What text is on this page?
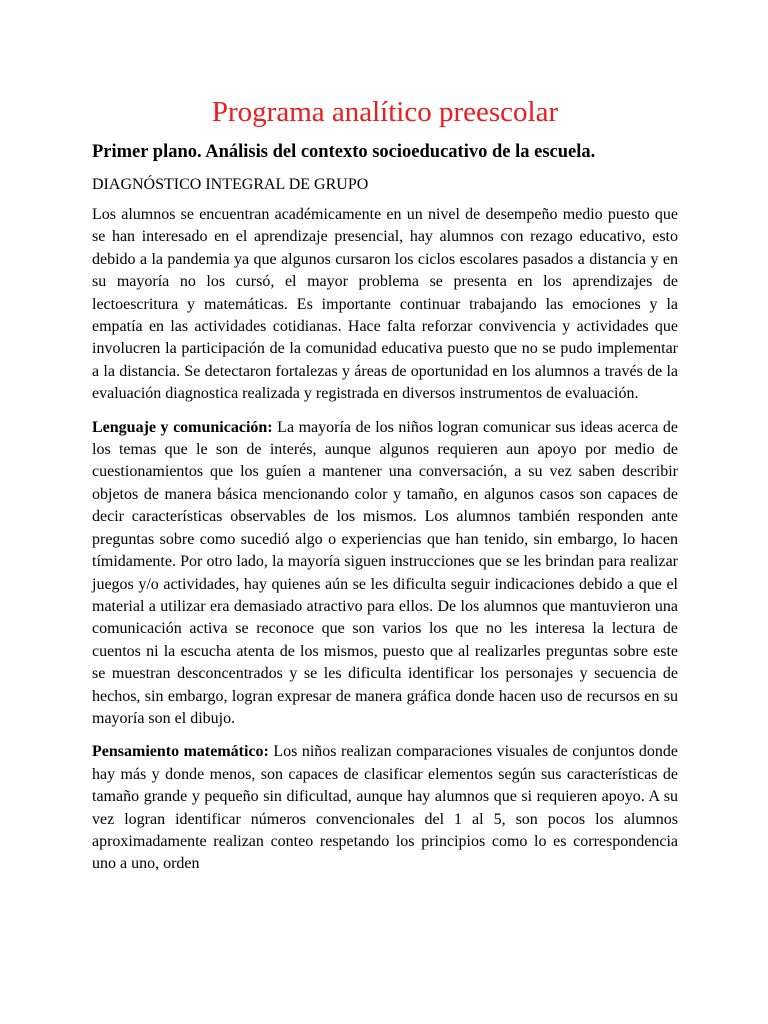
Programa analítico preescolar
Primer plano. Análisis del contexto socioeducativo de la escuela.
DIAGNÓSTICO INTEGRAL DE GRUPO

Los alumnos se encuentran académicamente en un nivel de desempeño medio puesto que se han interesado en el aprendizaje presencial, hay alumnos con rezago educativo, esto debido a la pandemia ya que algunos cursaron los ciclos escolares pasados a distancia y en su mayoría no los cursó, el mayor problema se presenta en los aprendizajes de lectoescritura y matemáticas. Es importante continuar trabajando las emociones y la empatía en las actividades cotidianas. Hace falta reforzar convivencia y actividades que involucren la participación de la comunidad educativa puesto que no se pudo implementar a la distancia. Se detectaron fortalezas y áreas de oportunidad en los alumnos a través de la evaluación diagnostica realizada y registrada en diversos instrumentos de evaluación.

Lenguaje y comunicación: La mayoría de los niños logran comunicar sus ideas acerca de los temas que le son de interés, aunque algunos requieren aun apoyo por medio de cuestionamientos que los guíen a mantener una conversación, a su vez saben describir objetos de manera básica mencionando color y tamaño, en algunos casos son capaces de decir características observables de los mismos. Los alumnos también responden ante preguntas sobre como sucedió algo o experiencias que han tenido, sin embargo, lo hacen tímidamente. Por otro lado, la mayoría siguen instrucciones que se les brindan para realizar juegos y/o actividades, hay quienes aún se les dificulta seguir indicaciones debido a que el material a utilizar era demasiado atractivo para ellos. De los alumnos que mantuvieron una comunicación activa se reconoce que son varios los que no les interesa la lectura de cuentos ni la escucha atenta de los mismos, puesto que al realizarles preguntas sobre este se muestran desconcentrados y se les dificulta identificar los personajes y secuencia de hechos, sin embargo, logran expresar de manera gráfica donde hacen uso de recursos en su mayoría son el dibujo.

Pensamiento matemático: Los niños realizan comparaciones visuales de conjuntos donde hay más y donde menos, son capaces de clasificar elementos según sus características de tamaño grande y pequeño sin dificultad, aunque hay alumnos que si requieren apoyo. A su vez logran identificar números convencionales del 1 al 5, son pocos los alumnos aproximadamente realizan conteo respetando los principios como lo es correspondencia uno a uno, orden
